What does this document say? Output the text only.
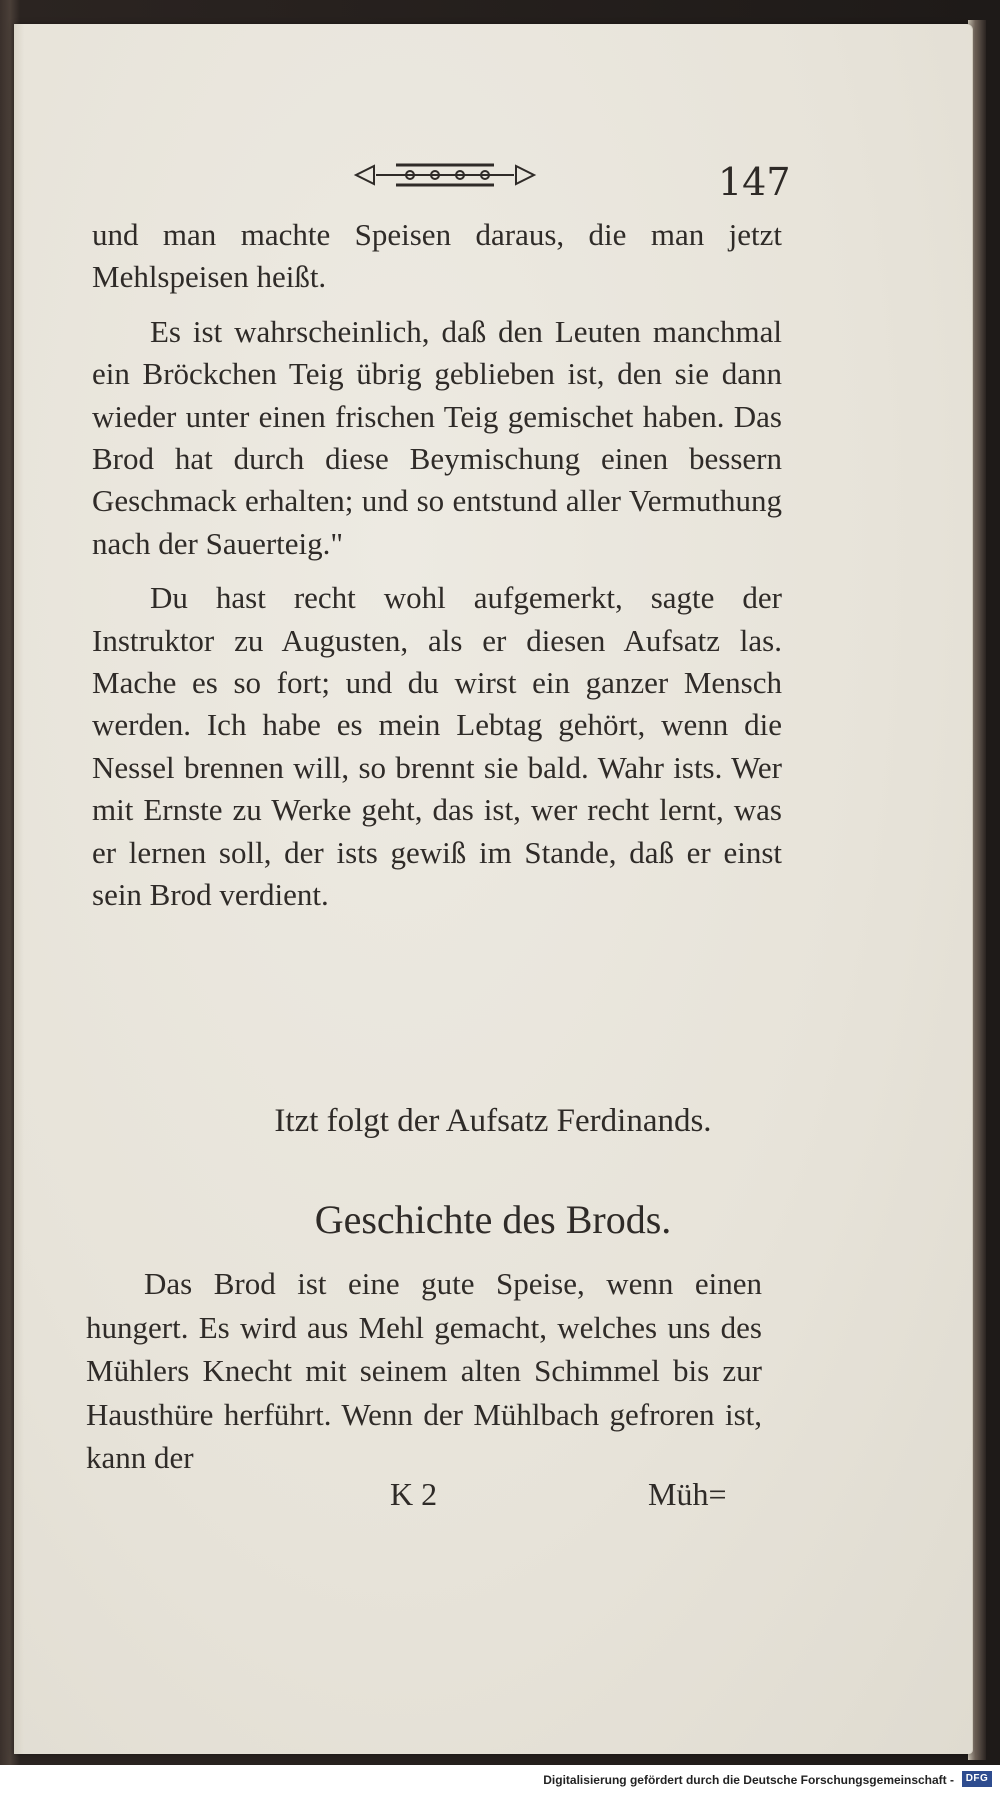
147

und man machte Speisen daraus, die man jetzt Mehlspeisen heißt.

Es ist wahrscheinlich, daß den Leuten manchmal ein Bröckchen Teig übrig geblieben ist, den sie dann wieder unter einen frischen Teig gemischet haben. Das Brod hat durch diese Beymischung einen bessern Geschmack erhalten; und so entstund aller Vermuthung nach der Sauerteig."

Du hast recht wohl aufgemerkt, sagte der Instruktor zu Augusten, als er diesen Aufsatz las. Mache es so fort; und du wirst ein ganzer Mensch werden. Ich habe es mein Lebtag gehört, wenn die Nessel brennen will, so brennt sie bald. Wahr ists. Wer mit Ernste zu Werke geht, das ist, wer recht lernt, was er lernen soll, der ists gewiß im Stande, daß er einst sein Brod verdient.

Itzt folgt der Aufsatz Ferdinands.
Geschichte des Brods.

Das Brod ist eine gute Speise, wenn einen hungert. Es wird aus Mehl gemacht, welches uns des Mühlers Knecht mit seinem alten Schimmel bis zur Hausthüre herführt. Wenn der Mühlbach gefroren ist, kann der

K 2	Müh=
Digitalisierung gefördert durch die Deutsche Forschungsgemeinschaft -	DFG
